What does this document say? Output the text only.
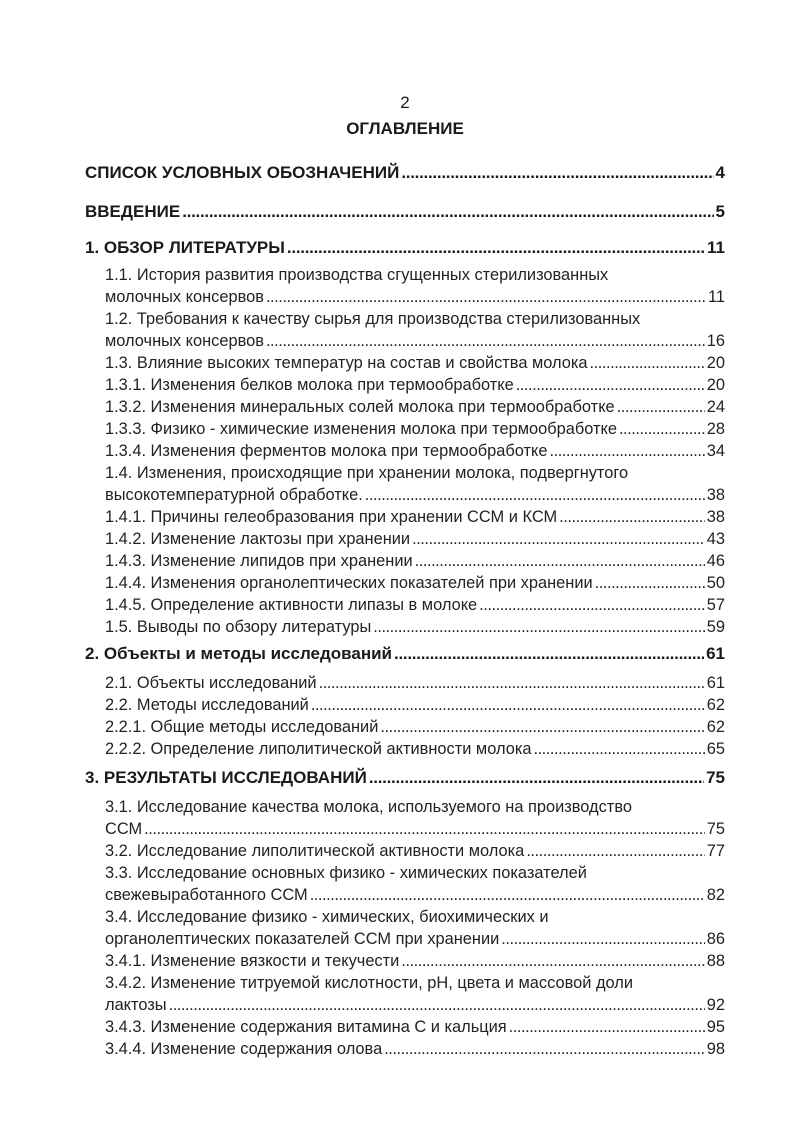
2
ОГЛАВЛЕНИЕ
СПИСОК УСЛОВНЫХ ОБОЗНАЧЕНИЙ . . .	4
ВВЕДЕНИЕ . . .	5
1. ОБЗОР ЛИТЕРАТУРЫ . . .	11
1.1. История развития производства сгущенных стерилизованных
молочных консервов . . .	11
1.2. Требования к качеству сырья для производства стерилизованных
молочных консервов . . .	16
1.3. Влияние высоких температур на состав и свойства молока . . .	20
1.3.1. Изменения белков молока при термообработке . . .	20
1.3.2. Изменения минеральных солей молока при термообработке . . .	24
1.3.3. Физико - химические изменения молока при термообработке . . .	28
1.3.4. Изменения ферментов молока при термообработке . . .	34
1.4. Изменения, происходящие при хранении молока, подвергнутого
высокотемпературной обработке. . . .	38
1.4.1. Причины гелеобразования при хранении ССМ и КСМ . . .	38
1.4.2. Изменение лактозы при хранении . . .	43
1.4.3. Изменение липидов при хранении . . .	46
1.4.4. Изменения органолептических показателей при хранении . . .	50
1.4.5. Определение активности липазы в молоке . . .	57
1.5. Выводы по обзору литературы . . .	59
2. Объекты и методы исследований . . .	61
2.1. Объекты исследований . . .	61
2.2. Методы исследований . . .	62
2.2.1. Общие методы исследований . . .	62
2.2.2. Определение липолитической активности молока . . .	65
3. РЕЗУЛЬТАТЫ ИССЛЕДОВАНИЙ . . .	75
3.1. Исследование качества молока, используемого на производство
ССМ . . .	75
3.2. Исследование липолитической активности молока . . .	77
3.3. Исследование основных физико - химических показателей
свежевыработанного ССМ . . .	82
3.4. Исследование физико - химических, биохимических и
органолептических показателей ССМ при хранении . . .	86
3.4.1. Изменение вязкости и текучести . . .	88
3.4.2. Изменение титруемой кислотности, pH, цвета и массовой доли
лактозы . . .	92
3.4.3. Изменение содержания витамина С и кальция . . .	95
3.4.4. Изменение содержания олова . . .	98
